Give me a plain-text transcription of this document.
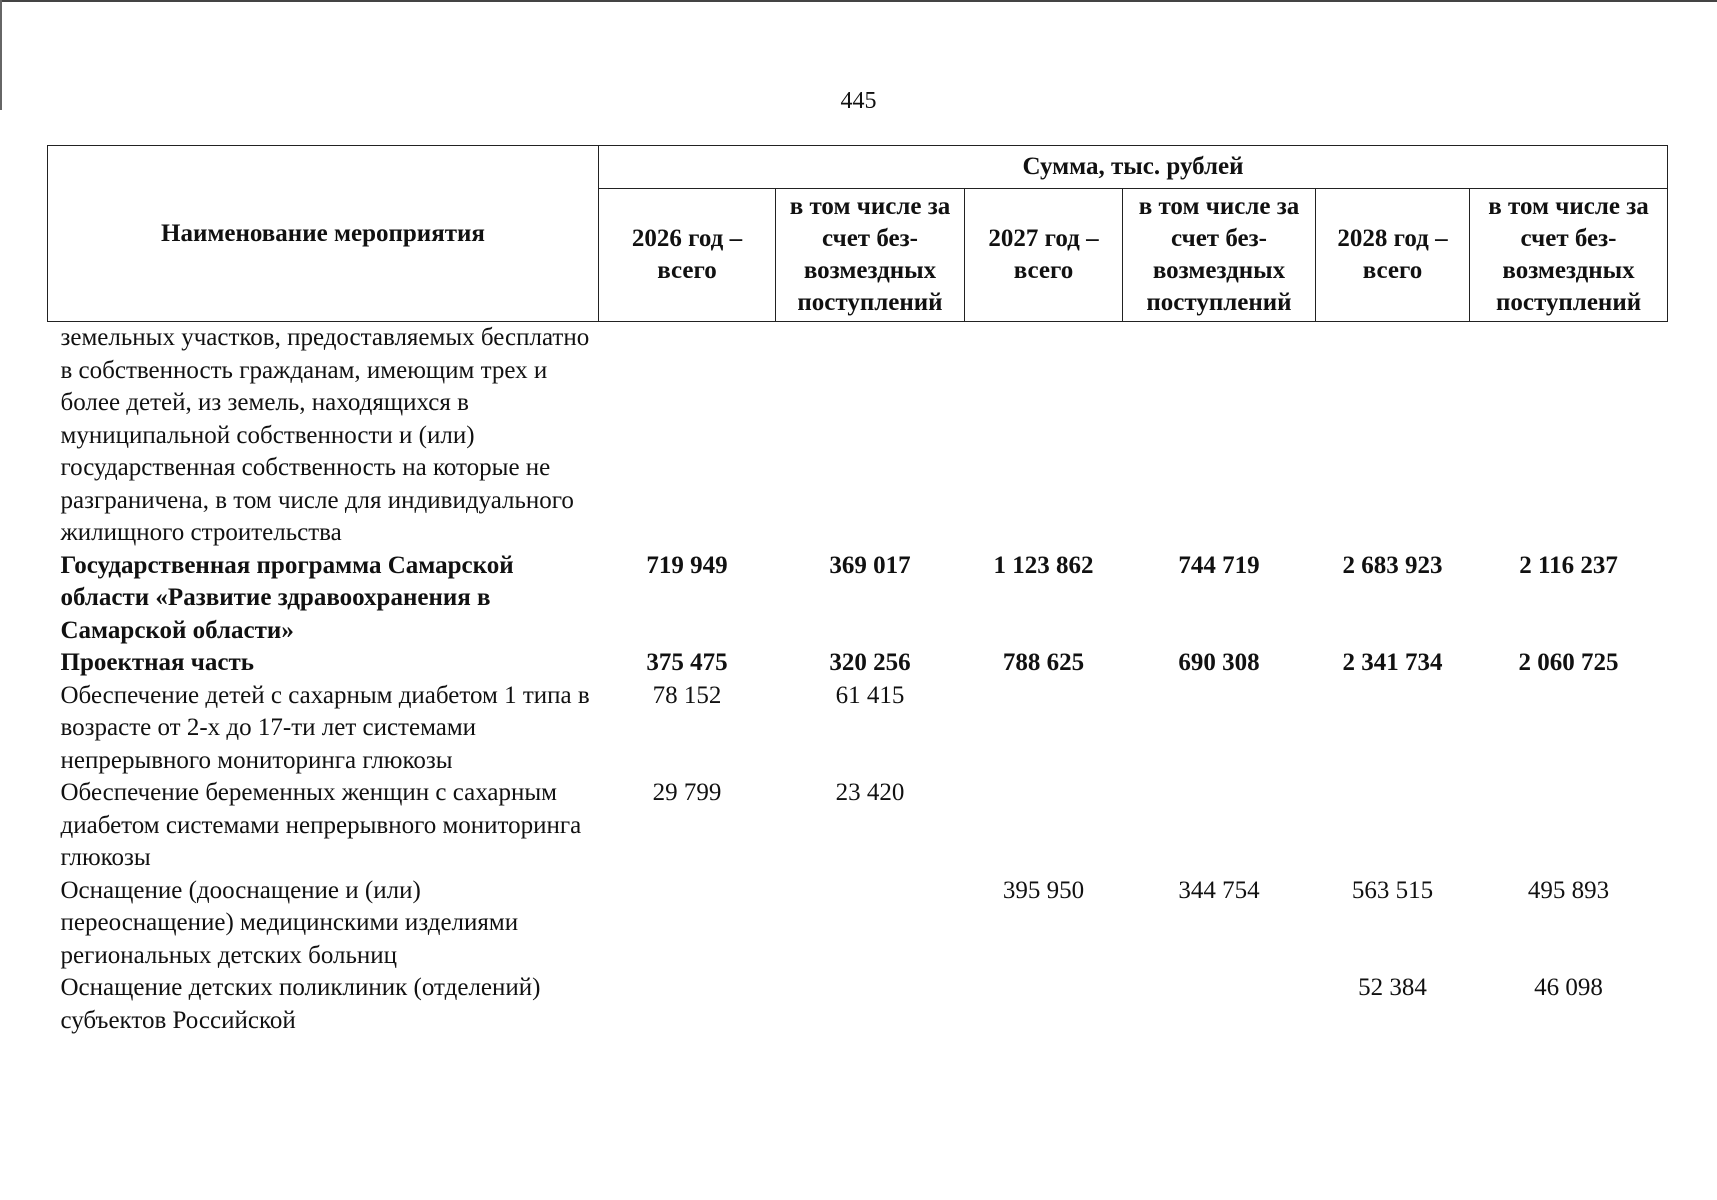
445
Наименование мероприятия	Сумма, тыс. рублей					
	2026 год – всего	в том числе за счет без-возмездных поступлений	2027 год – всего	в том числе за счет без-возмездных поступлений	2028 год – всего	в том числе за счет без-возмездных поступлений
земельных участков, предоставляемых бесплатно в собственность гражданам, имеющим трех и более детей, из земель, находящихся в муниципальной собственности и (или) государственная собственность на которые не разграничена, в том числе для индивидуального жилищного строительства						
Государственная программа Самарской области «Развитие здравоохранения в Самарской области»	719 949	369 017	1 123 862	744 719	2 683 923	2 116 237
Проектная часть	375 475	320 256	788 625	690 308	2 341 734	2 060 725
Обеспечение детей с сахарным диабетом 1 типа в возрасте от 2-х до 17-ти лет системами непрерывного мониторинга глюкозы	78 152	61 415				
Обеспечение беременных женщин с сахарным диабетом системами непрерывного мониторинга глюкозы	29 799	23 420				
Оснащение (дооснащение и (или) переоснащение) медицинскими изделиями региональных детских больниц			395 950	344 754	563 515	495 893
Оснащение детских поликлиник (отделений) субъектов Российской					52 384	46 098
